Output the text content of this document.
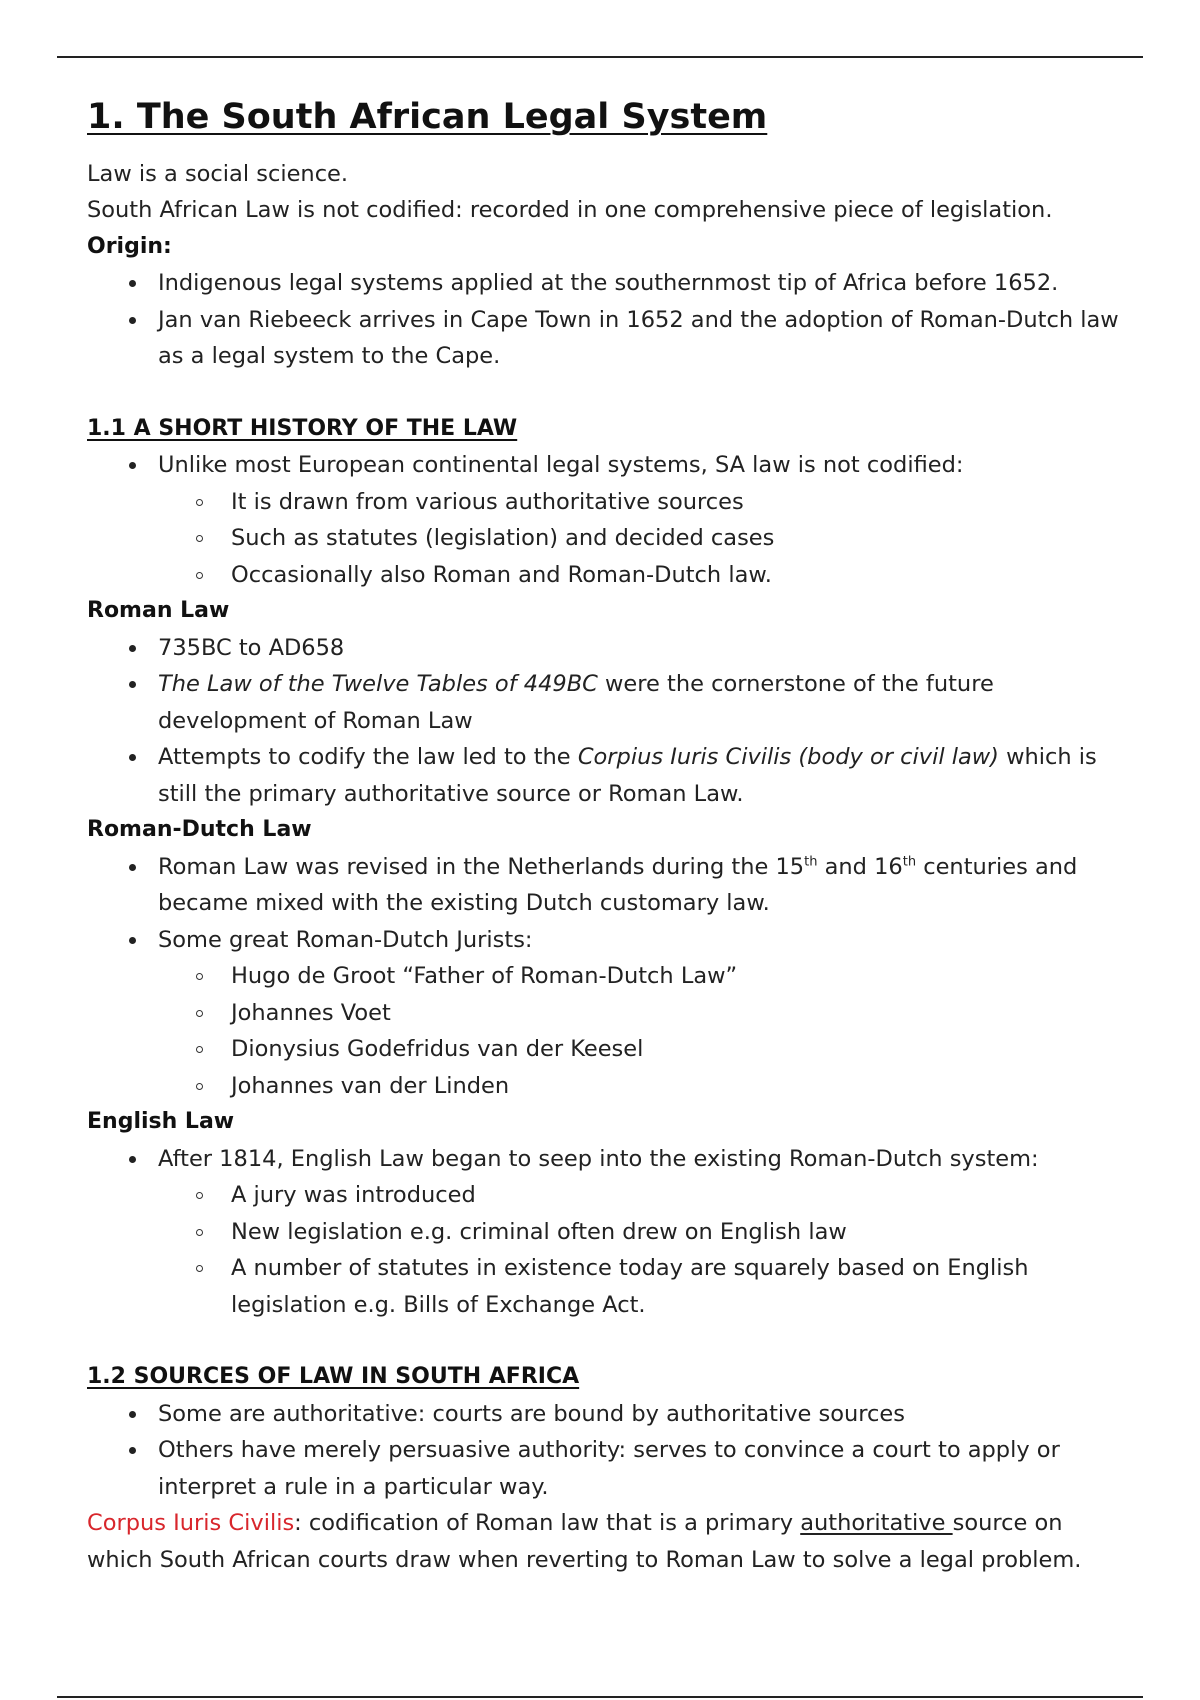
1. The South African Legal System

Law is a social science.

South African Law is not codified: recorded in one comprehensive piece of legislation.

Origin:
Indigenous legal systems applied at the southernmost tip of Africa before 1652.
Jan van Riebeeck arrives in Cape Town in 1652 and the adoption of Roman-Dutch law as a legal system to the Cape.
1.1 A SHORT HISTORY OF THE LAW
Unlike most European continental legal systems, SA law is not codified:
It is drawn from various authoritative sources
Such as statutes (legislation) and decided cases
Occasionally also Roman and Roman-Dutch law.
Roman Law
735BC to AD658
The Law of the Twelve Tables of 449BC were the cornerstone of the future development of Roman Law
Attempts to codify the law led to the Corpius Iuris Civilis (body or civil law) which is still the primary authoritative source or Roman Law.
Roman-Dutch Law
Roman Law was revised in the Netherlands during the 15th and 16th centuries and became mixed with the existing Dutch customary law.
Some great Roman-Dutch Jurists:
Hugo de Groot “Father of Roman-Dutch Law”
Johannes Voet
Dionysius Godefridus van der Keesel
Johannes van der Linden
English Law
After 1814, English Law began to seep into the existing Roman-Dutch system:
A jury was introduced
New legislation e.g. criminal often drew on English law
A number of statutes in existence today are squarely based on English legislation e.g. Bills of Exchange Act.
1.2 SOURCES OF LAW IN SOUTH AFRICA
Some are authoritative: courts are bound by authoritative sources
Others have merely persuasive authority: serves to convince a court to apply or interpret a rule in a particular way.

Corpus Iuris Civilis: codification of Roman law that is a primary authoritative source on which South African courts draw when reverting to Roman Law to solve a legal problem.
